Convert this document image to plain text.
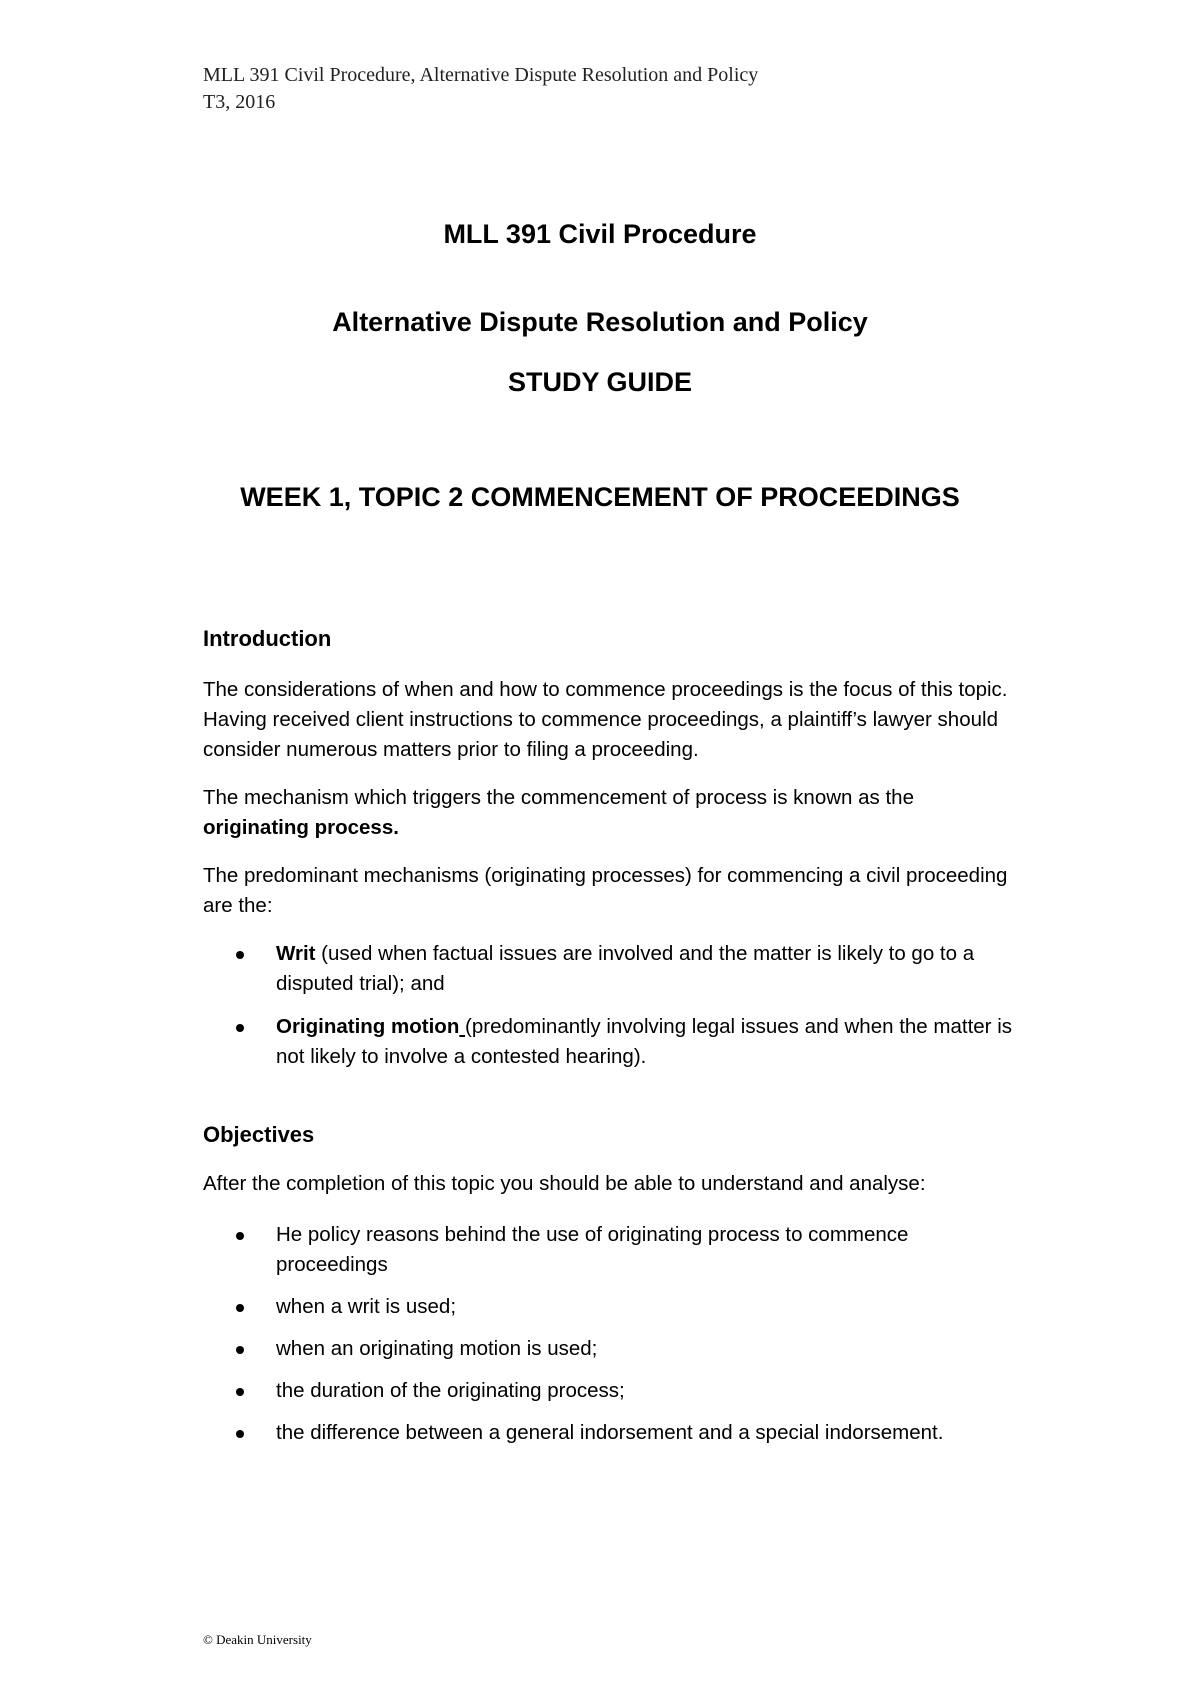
MLL 391 Civil Procedure, Alternative Dispute Resolution and Policy
T3, 2016
MLL 391 Civil Procedure
Alternative Dispute Resolution and Policy
STUDY GUIDE
WEEK 1, TOPIC 2 COMMENCEMENT OF PROCEEDINGS
Introduction

The considerations of when and how to commence proceedings is the focus of this topic. Having received client instructions to commence proceedings, a plaintiff’s lawyer should consider numerous matters prior to filing a proceeding.

The mechanism which triggers the commencement of process is known as the
originating process.

The predominant mechanisms (originating processes) for commencing a civil proceeding are the:

Writ (used when factual issues are involved and the matter is likely to go to a disputed trial); and
Originating motion (predominantly involving legal issues and when the matter is not likely to involve a contested hearing).
Objectives

After the completion of this topic you should be able to understand and analyse:

He policy reasons behind the use of originating process to commence proceedings
when a writ is used;
when an originating motion is used;
the duration of the originating process;
the difference between a general indorsement and a special indorsement.
© Deakin University
